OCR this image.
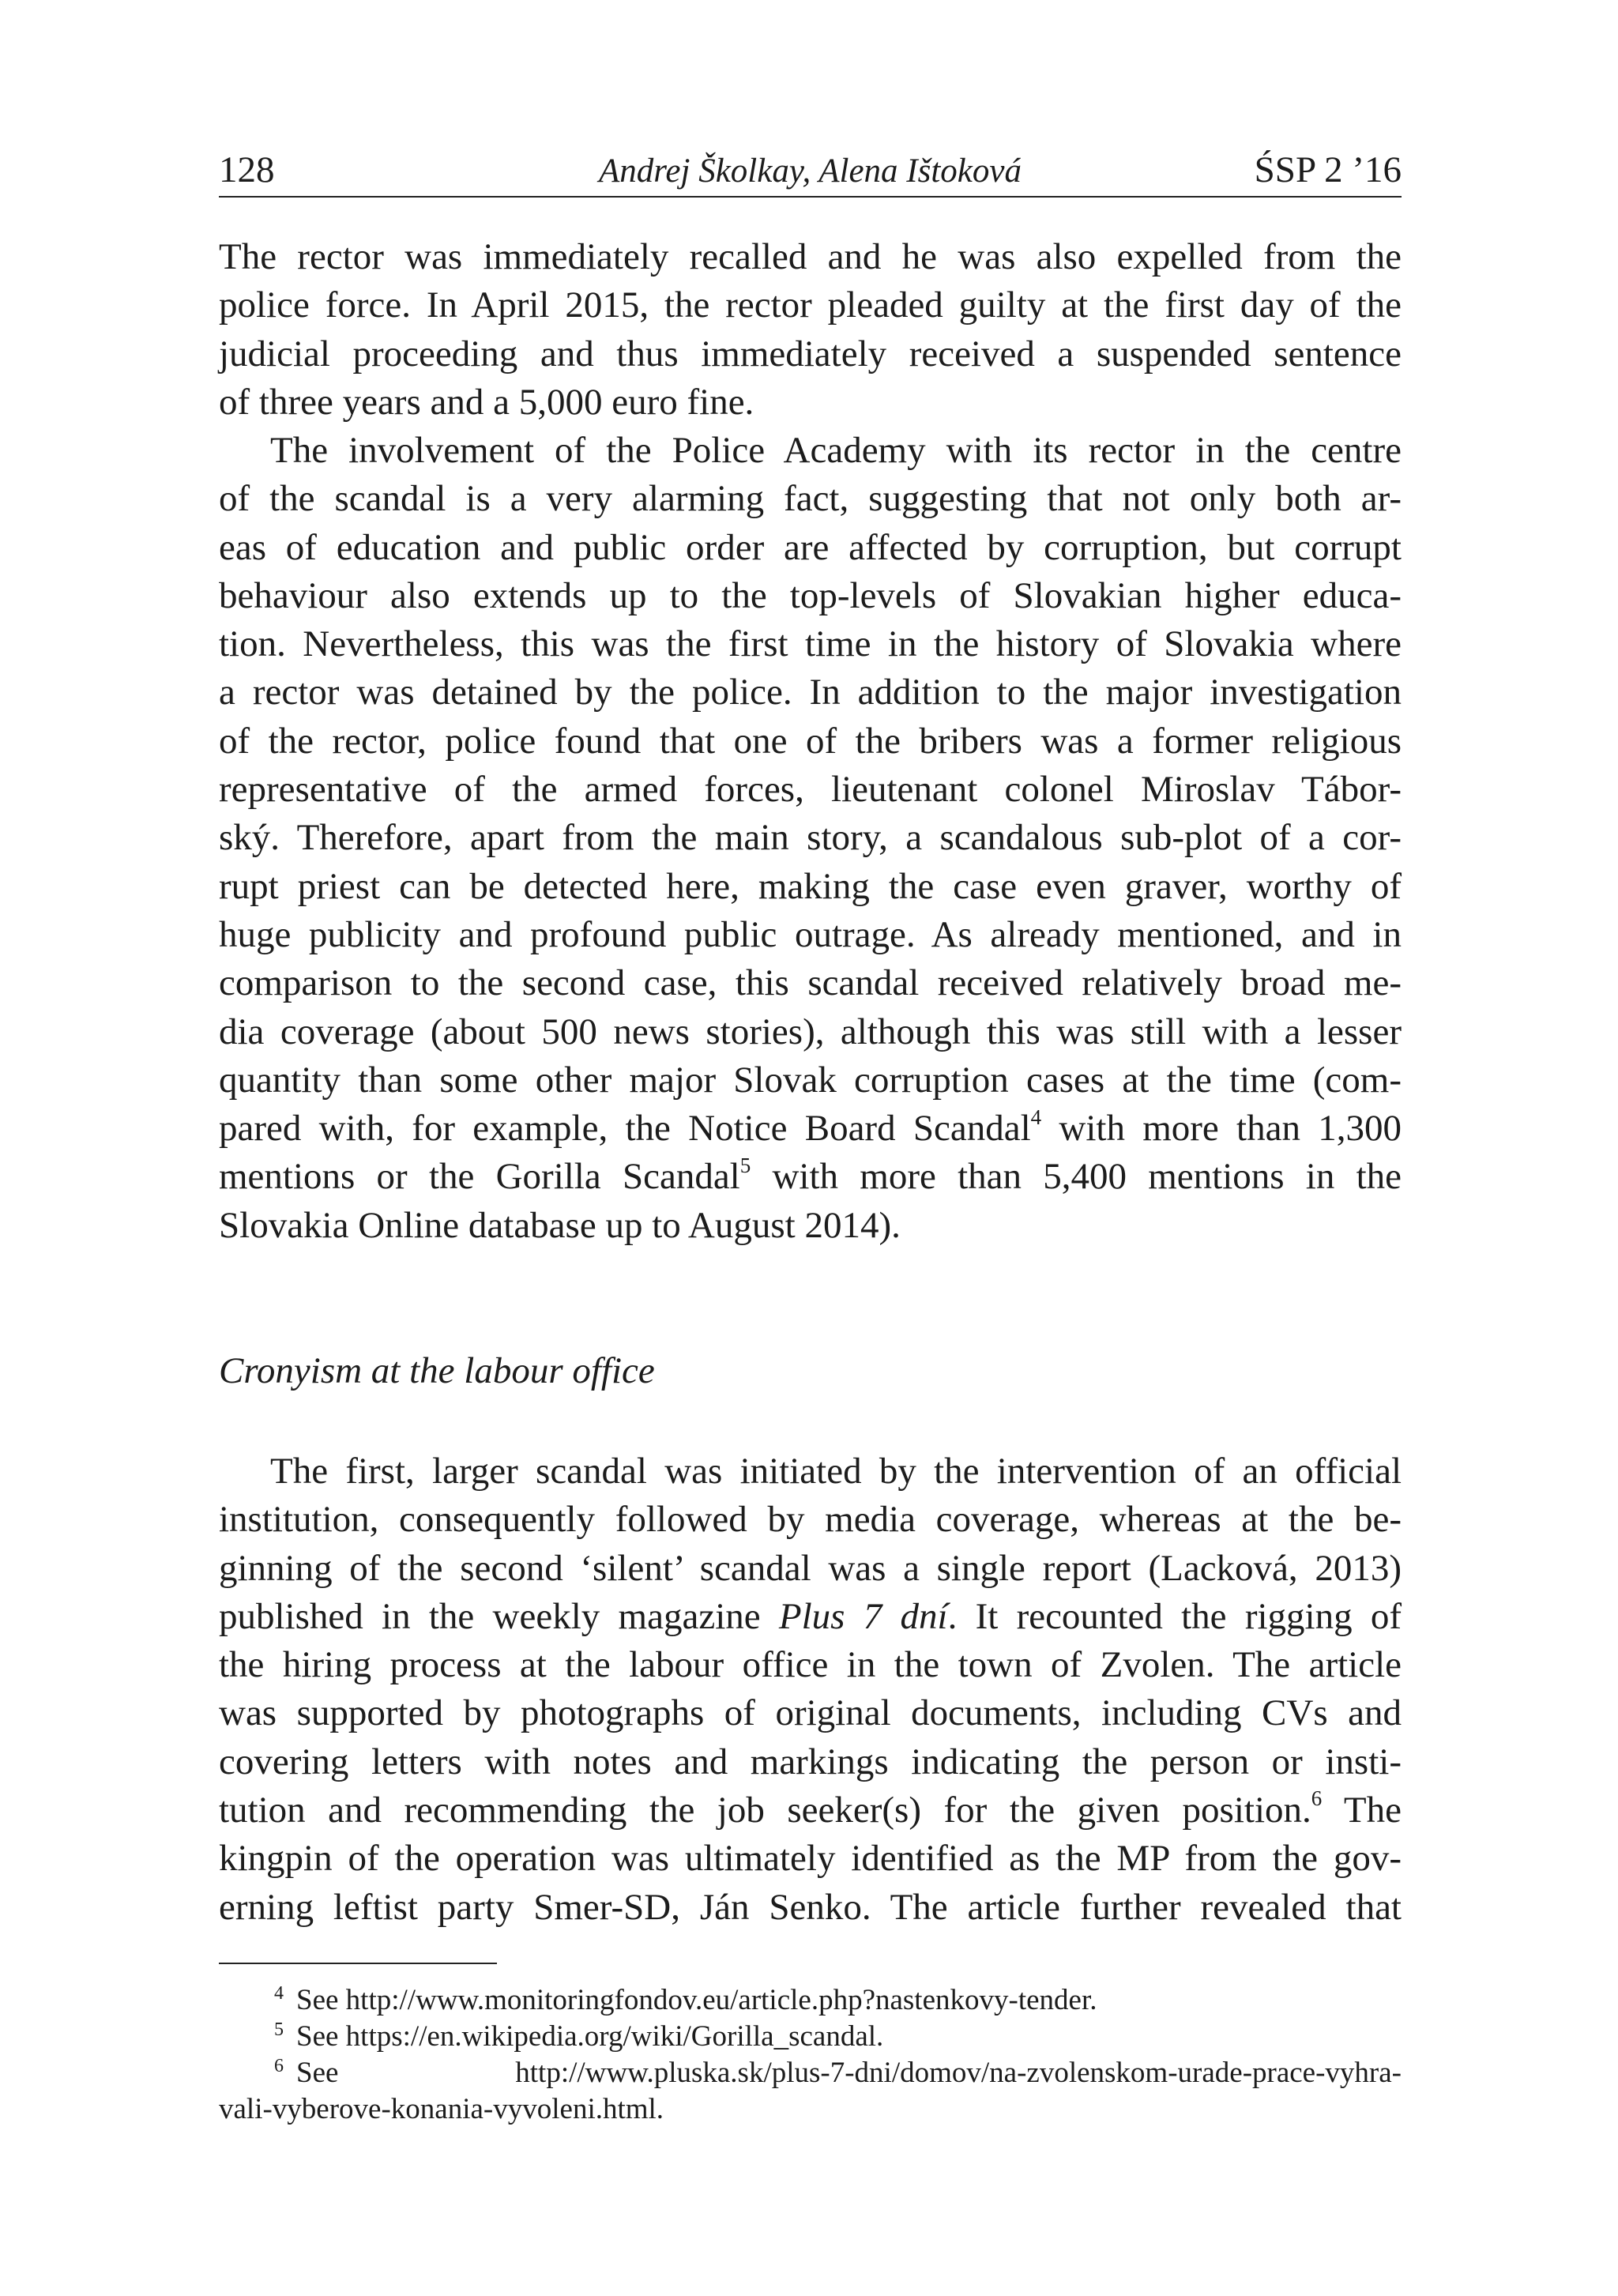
128	Andrej Školkay, Alena Ištoková	ŚSP 2 ’16
The rector was immediately recalled and he was also expelled from the
police force. In April 2015, the rector pleaded guilty at the first day of the
judicial proceeding and thus immediately received a suspended sentence
of three years and a 5,000 euro fine.
The involvement of the Police Academy with its rector in the centre
of the scandal is a very alarming fact, suggesting that not only both ar-
eas of education and public order are affected by corruption, but corrupt
behaviour also extends up to the top-levels of Slovakian higher educa-
tion. Nevertheless, this was the first time in the history of Slovakia where
a rector was detained by the police. In addition to the major investigation
of the rector, police found that one of the bribers was a former religious
representative of the armed forces, lieutenant colonel Miroslav Tábor-
ský. Therefore, apart from the main story, a scandalous sub-plot of a cor-
rupt priest can be detected here, making the case even graver, worthy of
huge publicity and profound public outrage. As already mentioned, and in
comparison to the second case, this scandal received relatively broad me-
dia coverage (about 500 news stories), although this was still with a lesser
quantity than some other major Slovak corruption cases at the time (com-
pared with, for example, the Notice Board Scandal$^4$ with more than 1,300
mentions or the Gorilla Scandal$^5$ with more than 5,400 mentions in the
Slovakia Online database up to August 2014).
Cronyism at the labour office
The first, larger scandal was initiated by the intervention of an official
institution, consequently followed by media coverage, whereas at the be-
ginning of the second ‘silent’ scandal was a single report (Lacková, 2013)
published in the weekly magazine Plus 7 dní. It recounted the rigging of
the hiring process at the labour office in the town of Zvolen. The article
was supported by photographs of original documents, including CVs and
covering letters with notes and markings indicating the person or insti-
tution and recommending the job seeker(s) for the given position.$^6$ The
kingpin of the operation was ultimately identified as the MP from the gov-
erning leftist party Smer-SD, Ján Senko. The article further revealed that
$^4$ See http://www.monitoringfondov.eu/article.php?nastenkovy-tender.
$^5$ See https://en.wikipedia.org/wiki/Gorilla_scandal.
$^6$ See http://www.pluska.sk/plus-7-dni/domov/na-zvolenskom-urade-prace-vyhra-
vali-vyberove-konania-vyvoleni.html.
